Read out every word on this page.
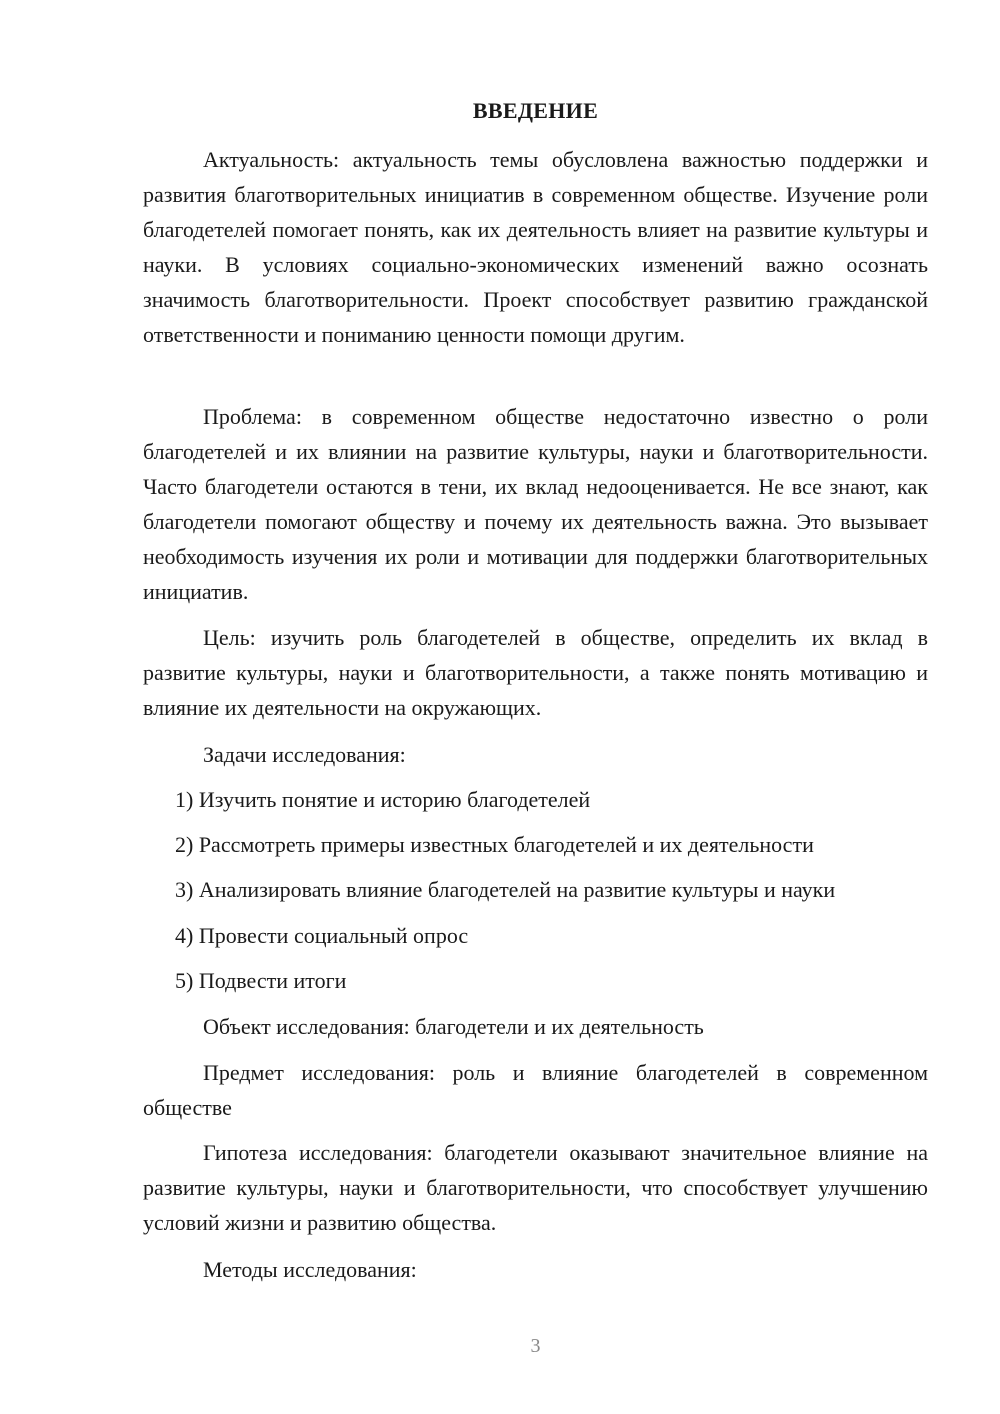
ВВЕДЕНИЕ
Актуальность: актуальность темы обусловлена важностью поддержки и развития благотворительных инициатив в современном обществе. Изучение роли благодетелей помогает понять, как их деятельность влияет на развитие культуры и науки. В условиях социально-экономических изменений важно осознать значимость благотворительности. Проект способствует развитию гражданской ответственности и пониманию ценности помощи другим.
Проблема: в современном обществе недостаточно известно о роли благодетелей и их влиянии на развитие культуры, науки и благотворительности. Часто благодетели остаются в тени, их вклад недооценивается. Не все знают, как благодетели помогают обществу и почему их деятельность важна. Это вызывает необходимость изучения их роли и мотивации для поддержки благотворительных инициатив.
Цель: изучить роль благодетелей в обществе, определить их вклад в развитие культуры, науки и благотворительности, а также понять мотивацию и влияние их деятельности на окружающих.
Задачи исследования:
1) Изучить понятие и историю благодетелей
2) Рассмотреть примеры известных благодетелей и их деятельности
3) Анализировать влияние благодетелей на развитие культуры и науки
4) Провести социальный опрос
5) Подвести итоги
Объект исследования: благодетели и их деятельность
Предмет исследования: роль и влияние благодетелей в современном обществе
Гипотеза исследования: благодетели оказывают значительное влияние на развитие культуры, науки и благотворительности, что способствует улучшению условий жизни и развитию общества.
Методы исследования:
3
